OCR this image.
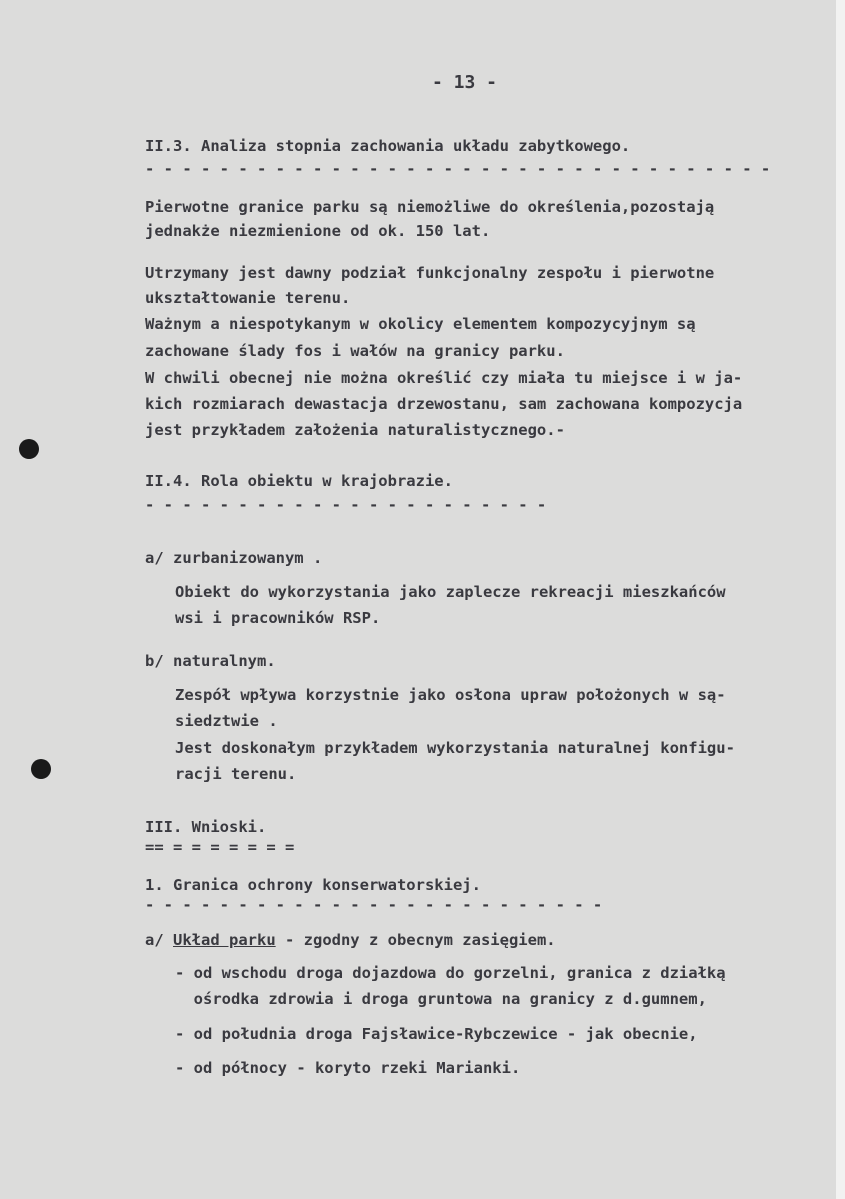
- 13 -
II.3. Analiza stopnia zachowania układu zabytkowego.
- - - - - - - - - - - - - - - - - - - - - - - - - - - - - - - - - -
Pierwotne granice parku są niemożliwe do określenia,pozostają
jednakże niezmienione od ok. 150 lat.
Utrzymany jest dawny podział funkcjonalny zespołu i pierwotne
ukształtowanie terenu.
Ważnym a niespotykanym w okolicy elementem kompozycyjnym są
zachowane ślady fos i wałów na granicy parku.
W chwili obecnej nie można określić czy miała tu miejsce i w ja-
kich rozmiarach dewastacja drzewostanu, sam zachowana kompozycja
jest przykładem założenia naturalistycznego.-
II.4. Rola obiektu w krajobrazie.
- - - - - - - - - - - - - - - - - - - - - -
a/ zurbanizowanym .
Obiekt do wykorzystania jako zaplecze rekreacji mieszkańców
wsi i pracowników RSP.
b/ naturalnym.
Zespół wpływa korzystnie jako osłona upraw położonych w są-
siedztwie .
Jest doskonałym przykładem wykorzystania naturalnej konfigu-
racji terenu.
III. Wnioski.
== = = = = = = =
1. Granica ochrony konserwatorskiej.
- - - - - - - - - - - - - - - - - - - - - - - - -
a/ Układ parku - zgodny z obecnym zasięgiem.
- od wschodu droga dojazdowa do gorzelni, granica z działką
ośrodka zdrowia i droga gruntowa na granicy z d.gumnem,
- od południa droga Fajsławice-Rybczewice - jak obecnie,
- od północy - koryto rzeki Marianki.
